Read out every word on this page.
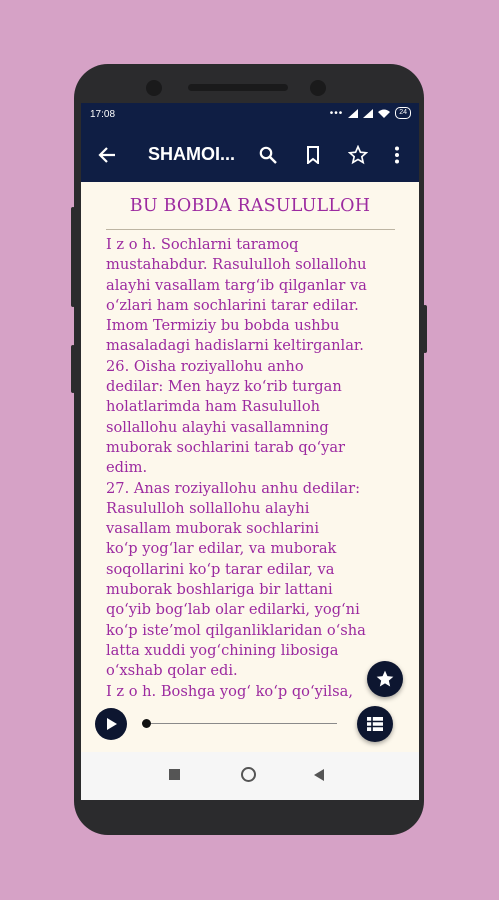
17:08	•••	24
SHAMOI...
BU BOBDA RASULULLOH
I z o h. Sochlarni taramoq
mustahabdur. Rasululloh sollallohu
alayhi vasallam targ‘ib qilganlar va
o‘zlari ham sochlarini tarar edilar.
Imom Termiziy bu bobda ushbu
masaladagi hadislarni keltirganlar.
26. Oisha roziyallohu anho
dedilar: Men hayz ko‘rib turgan
holatlarimda ham Rasululloh
sollallohu alayhi vasallamning
muborak sochlarini tarab qo‘yar
edim.
27. Anas roziyallohu anhu dedilar:
Rasululloh sollallohu alayhi
vasallam muborak sochlarini
ko‘p yog‘lar edilar, va muborak
soqollarini ko‘p tarar edilar, va
muborak boshlariga bir lattani
qo‘yib bog‘lab olar edilarki, yog‘ni
ko‘p iste’mol qilganliklaridan o‘sha
latta xuddi yog‘chining libosiga
o‘xshab qolar edi.
I z o h. Boshga yog‘ ko‘p qo‘yilsa,
